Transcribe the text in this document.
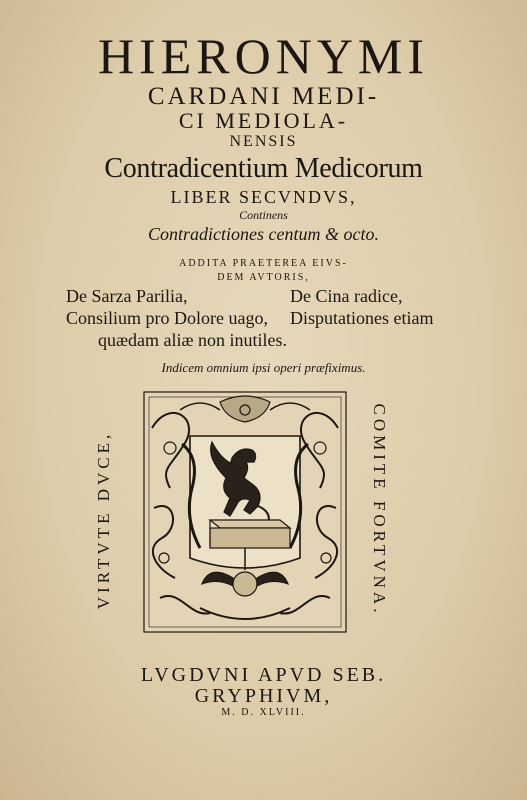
HIERONYMI
CARDANI MEDI-
CI MEDIOLA-
NENSIS
Contradicentium Medicorum
LIBER SECVNDVS,
Continens
Contradictiones centum & octo.
ADDITA PRAETEREA EIVS-
DEM AVTORIS,
De Sarza Parilia,
Consilium pro Dolore uago,
quædam aliæ non inutiles.
De Cina radice,
Disputationes etiam
Indicem omnium ipsi operi præfiximus.
VIRTVTE DVCE,	COMITE FORTVNA.
LVGDVNI APVD SEB.
GRYPHIVM,
M. D. XLVIII.
